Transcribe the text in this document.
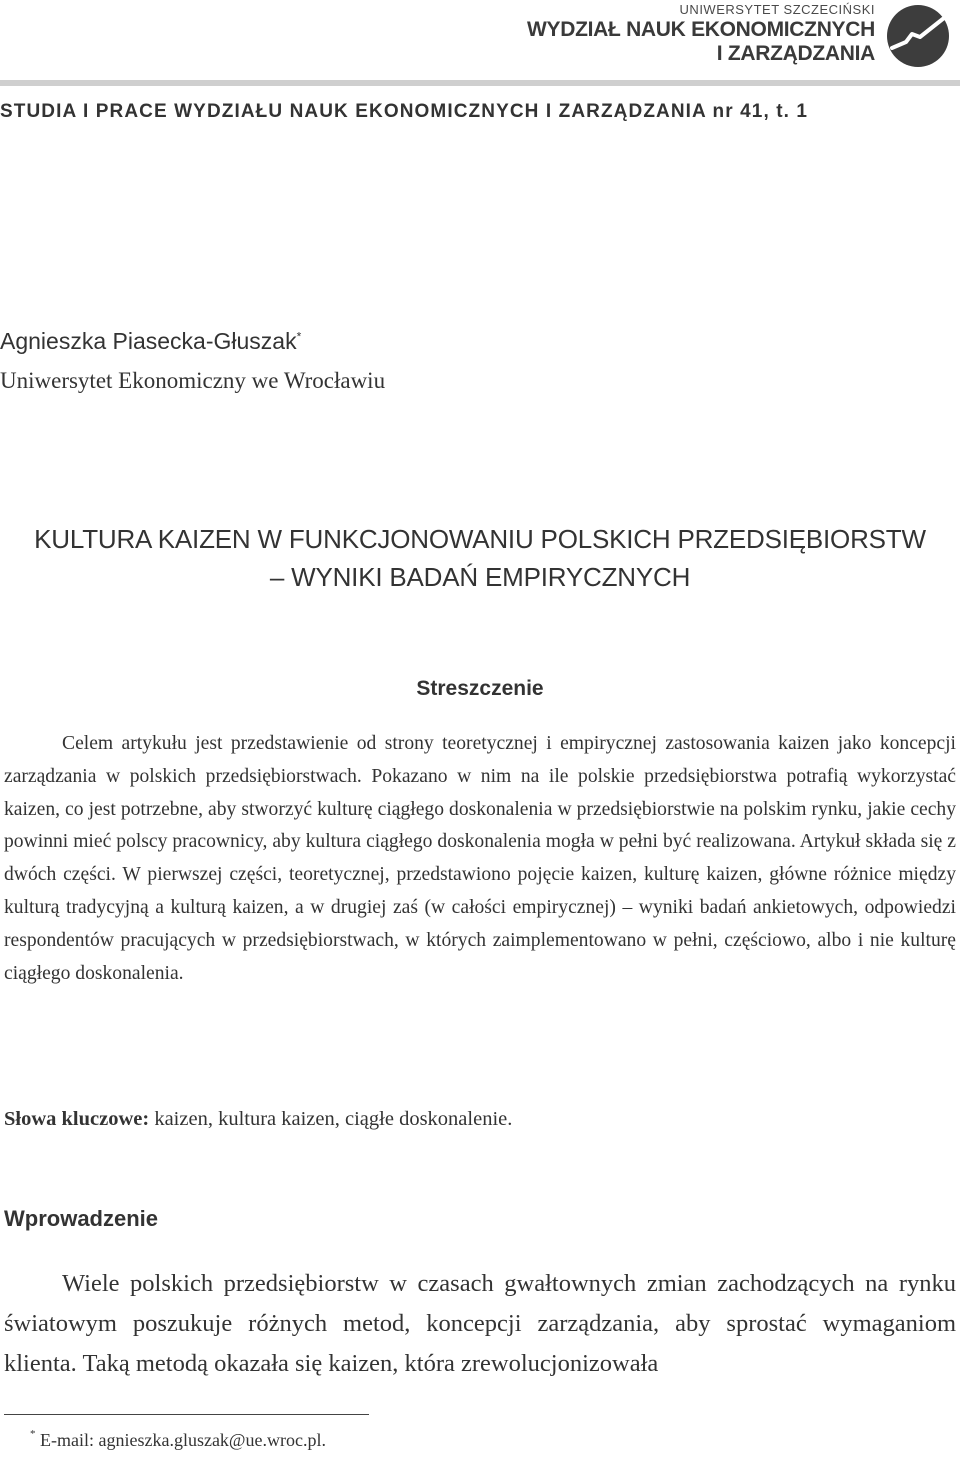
UNIWERSYTET SZCZECIŃSKI
WYDZIAŁ NAUK EKONOMICZNYCH
I ZARZĄDZANIA
STUDIA I PRACE WYDZIAŁU NAUK EKONOMICZNYCH I ZARZĄDZANIA nr 41, t. 1
Agnieszka Piasecka-Głuszak*
Uniwersytet Ekonomiczny we Wrocławiu
KULTURA KAIZEN W FUNKCJONOWANIU POLSKICH PRZEDSIĘBIORSTW
– WYNIKI BADAŃ EMPIRYCZNYCH
Streszczenie

Celem artykułu jest przedstawienie od strony teoretycznej i empirycznej zastosowania kaizen jako koncepcji zarządzania w polskich przedsiębiorstwach. Pokazano w nim na ile polskie przedsiębiorstwa potrafią wykorzystać kaizen, co jest potrzebne, aby stworzyć kulturę ciągłego doskonalenia w przedsiębiorstwie na polskim rynku, jakie cechy powinni mieć polscy pracownicy, aby kultura ciągłego doskonalenia mogła w pełni być realizowana. Artykuł składa się z dwóch części. W pierwszej części, teoretycznej, przedstawiono pojęcie kaizen, kulturę kaizen, główne różnice między kulturą tradycyjną a kulturą kaizen, a w drugiej zaś (w całości empirycznej) – wyniki badań ankietowych, odpowiedzi respondentów pracujących w przedsiębiorstwach, w których zaimplementowano w pełni, częściowo, albo i nie kulturę ciągłego doskonalenia.

Słowa kluczowe: kaizen, kultura kaizen, ciągłe doskonalenie.
Wprowadzenie

Wiele polskich przedsiębiorstw w czasach gwałtownych zmian zachodzących na rynku światowym poszukuje różnych metod, koncepcji zarządzania, aby sprostać wymaganiom klienta. Taką metodą okazała się kaizen, która zrewolucjonizowała

* E-mail: agnieszka.gluszak@ue.wroc.pl.
